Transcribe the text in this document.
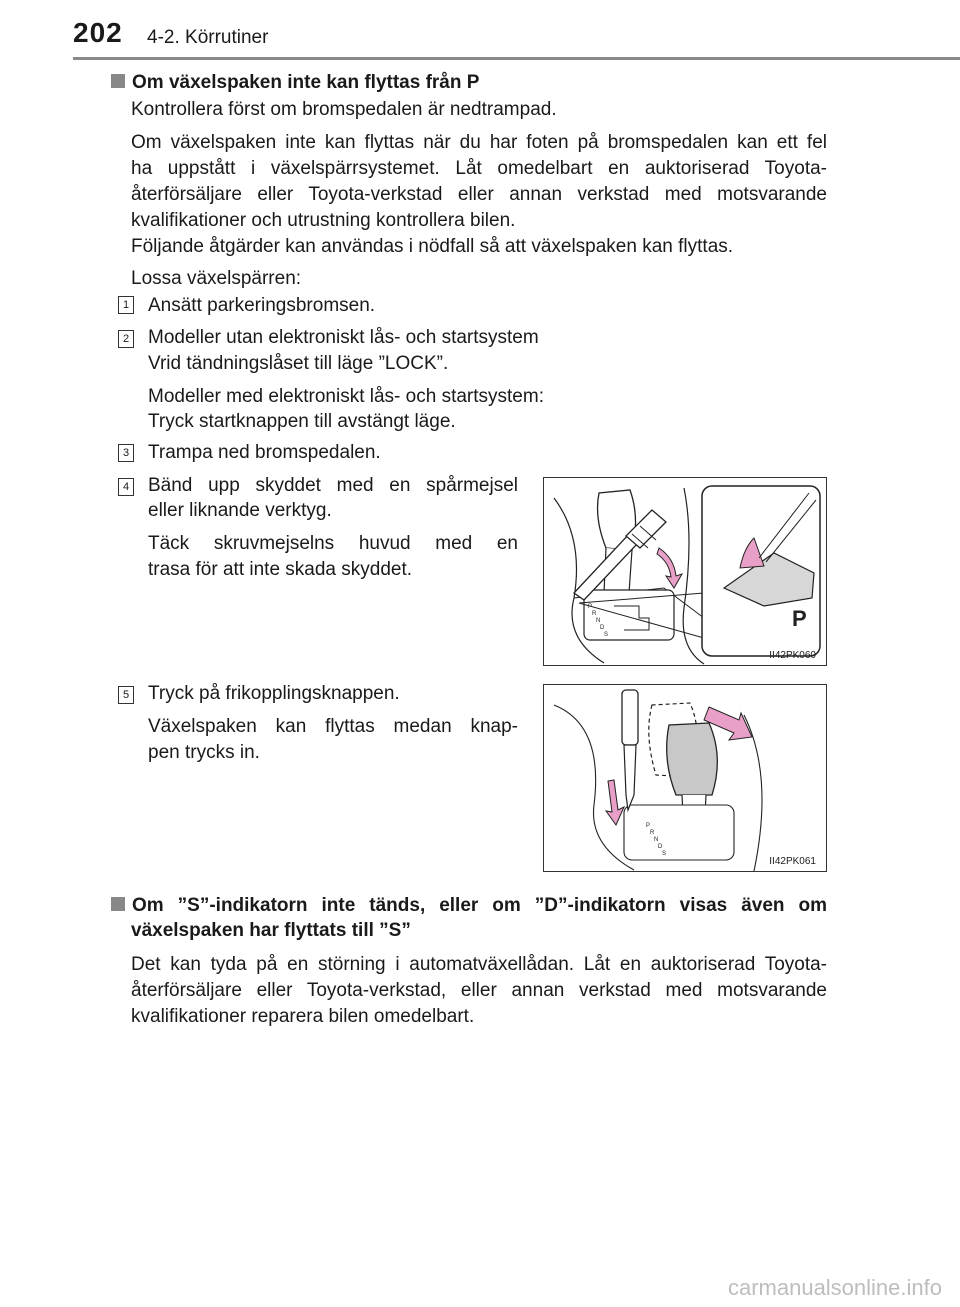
202 4-2. Körrutiner
Om växelspaken inte kan flyttas från P
Kontrollera först om bromspedalen är nedtrampad.
Om växelspaken inte kan flyttas när du har foten på bromspedalen kan ett fel
ha uppstått i växelspärrsystemet. Låt omedelbart en auktoriserad Toyota-
återförsäljare eller Toyota-verkstad eller annan verkstad med motsvarande
kvalifikationer och utrustning kontrollera bilen.
Följande åtgärder kan användas i nödfall så att växelspaken kan flyttas.
Lossa växelspärren:
1 Ansätt parkeringsbromsen.
2 Modeller utan elektroniskt lås- och startsystem
Vrid tändningslåset till läge ”LOCK”.
Modeller med elektroniskt lås- och startsystem:
Tryck startknappen till avstängt läge.
3 Trampa ned bromspedalen.
4 Bänd upp skyddet med en spårmejsel
eller liknande verktyg.
Täck skruvmejselns huvud med en
trasa för att inte skada skyddet.
P
P R N D S
II42PK060
5 Tryck på frikopplingsknappen.
Växelspaken kan flyttas medan knap-
pen trycks in.
P R N D S
II42PK061
Om ”S”-indikatorn inte tänds, eller om ”D”-indikatorn visas även om
växelspaken har flyttats till ”S”
Det kan tyda på en störning i automatväxellådan. Låt en auktoriserad Toyota-
återförsäljare eller Toyota-verkstad, eller annan verkstad med motsvarande
kvalifikationer reparera bilen omedelbart.
carmanualsonline.info
